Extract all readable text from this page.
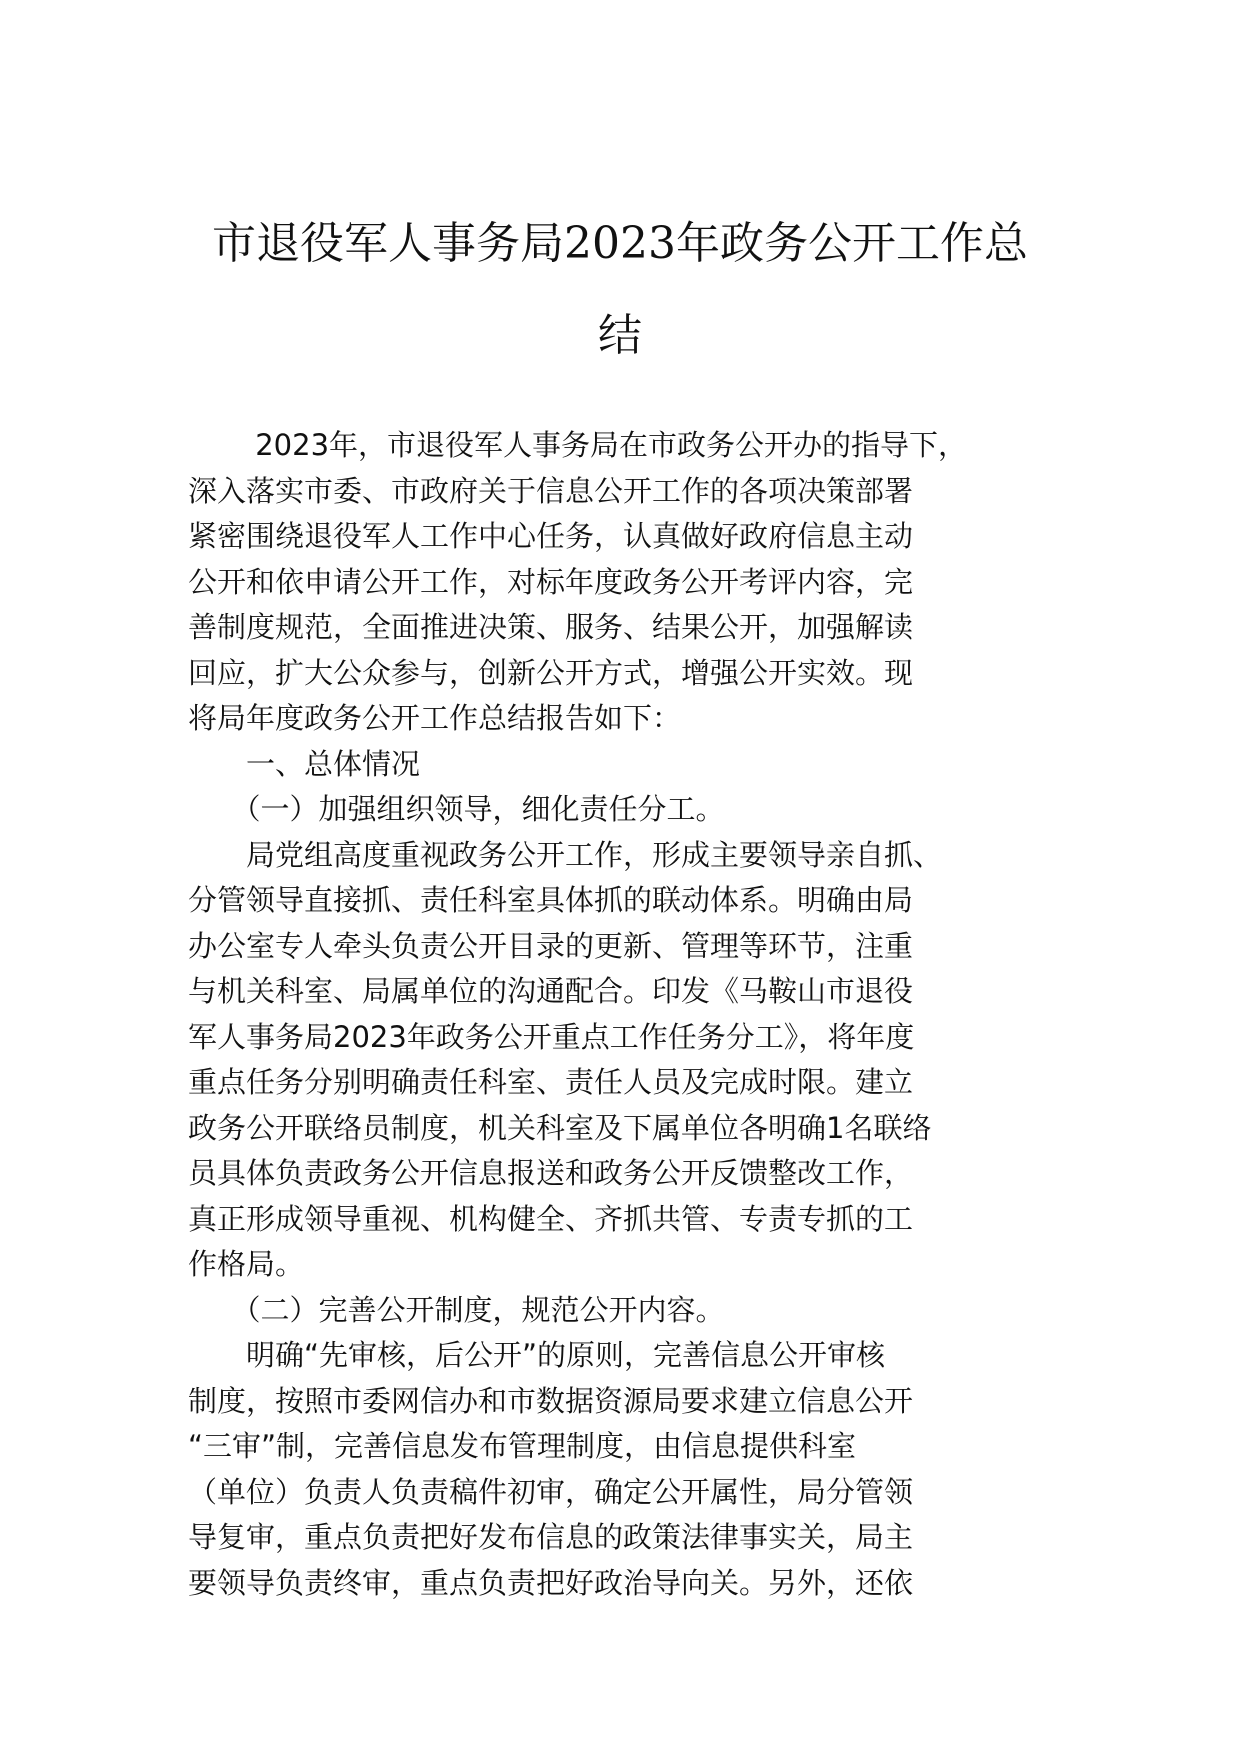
市退役军人事务局2023年政务公开工作总
结
　　 2023年，市退役军人事务局在市政务公开办的指导下，
深入落实市委、市政府关于信息公开工作的各项决策部署
紧密围绕退役军人工作中心任务，认真做好政府信息主动
公开和依申请公开工作，对标年度政务公开考评内容，完
善制度规范，全面推进决策、服务、结果公开，加强解读
回应，扩大公众参与，创新公开方式，增强公开实效。现
将局年度政务公开工作总结报告如下：
　　一、总体情况
　　（一）加强组织领导，细化责任分工。
　　局党组高度重视政务公开工作，形成主要领导亲自抓、
分管领导直接抓、责任科室具体抓的联动体系。明确由局
办公室专人牵头负责公开目录的更新、管理等环节，注重
与机关科室、局属单位的沟通配合。印发《马鞍山市退役
军人事务局2023年政务公开重点工作任务分工》，将年度
重点任务分别明确责任科室、责任人员及完成时限。建立
政务公开联络员制度，机关科室及下属单位各明确1名联络
员具体负责政务公开信息报送和政务公开反馈整改工作，
真正形成领导重视、机构健全、齐抓共管、专责专抓的工
作格局。
　　（二）完善公开制度，规范公开内容。
　　明确“先审核，后公开”的原则，完善信息公开审核
制度，按照市委网信办和市数据资源局要求建立信息公开
“三审”制，完善信息发布管理制度，由信息提供科室
（单位）负责人负责稿件初审，确定公开属性，局分管领
导复审，重点负责把好发布信息的政策法律事实关，局主
要领导负责终审，重点负责把好政治导向关。另外，还依
